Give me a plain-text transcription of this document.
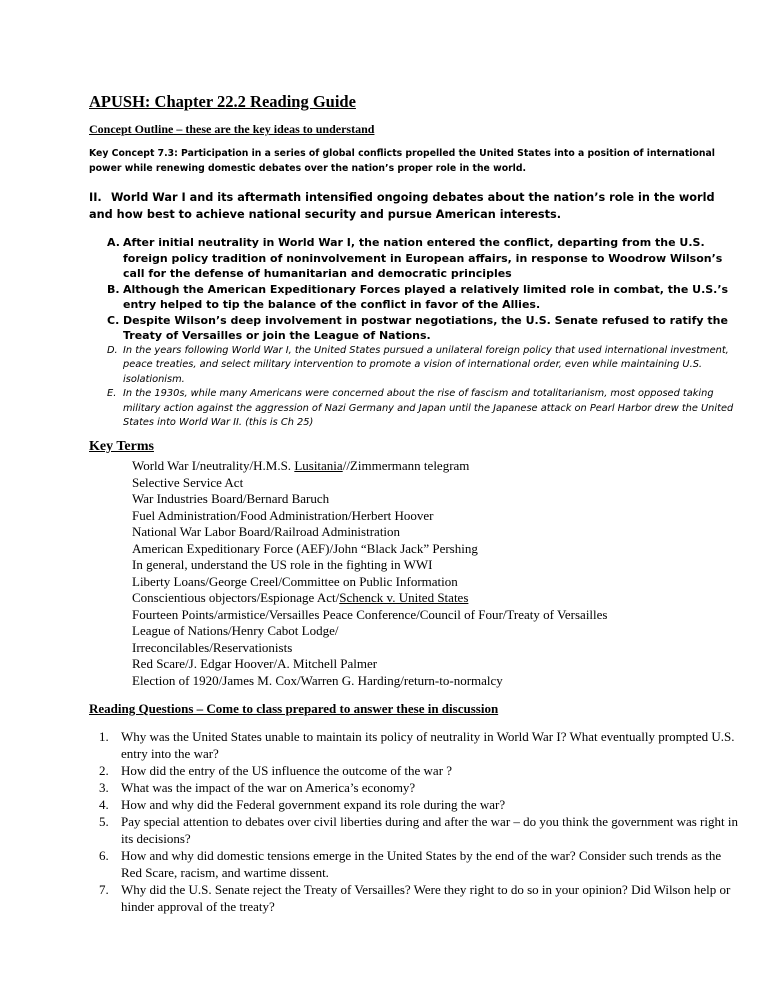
APUSH: Chapter 22.2 Reading Guide
Concept Outline – these are the key ideas to understand
Key Concept 7.3: Participation in a series of global conflicts propelled the United States into a position of international power while renewing domestic debates over the nation’s proper role in the world.
II. World War I and its aftermath intensified ongoing debates about the nation’s role in the world and how best to achieve national security and pursue American interests.
A. After initial neutrality in World War I, the nation entered the conflict, departing from the U.S. foreign policy tradition of noninvolvement in European affairs, in response to Woodrow Wilson’s call for the defense of humanitarian and democratic principles
B. Although the American Expeditionary Forces played a relatively limited role in combat, the U.S.’s entry helped to tip the balance of the conflict in favor of the Allies.
C. Despite Wilson’s deep involvement in postwar negotiations, the U.S. Senate refused to ratify the Treaty of Versailles or join the League of Nations.
D. In the years following World War I, the United States pursued a unilateral foreign policy that used international investment, peace treaties, and select military intervention to promote a vision of international order, even while maintaining U.S. isolationism.
E. In the 1930s, while many Americans were concerned about the rise of fascism and totalitarianism, most opposed taking military action against the aggression of Nazi Germany and Japan until the Japanese attack on Pearl Harbor drew the United States into World War II. (this is Ch 25)
Key Terms
World War I/neutrality/H.M.S. Lusitania//Zimmermann telegram
Selective Service Act
War Industries Board/Bernard Baruch
Fuel Administration/Food Administration/Herbert Hoover
National War Labor Board/Railroad Administration
American Expeditionary Force (AEF)/John “Black Jack” Pershing
In general, understand the US role in the fighting in WWI
Liberty Loans/George Creel/Committee on Public Information
Conscientious objectors/Espionage Act/Schenck v. United States
Fourteen Points/armistice/Versailles Peace Conference/Council of Four/Treaty of Versailles
League of Nations/Henry Cabot Lodge/
Irreconcilables/Reservationists
Red Scare/J. Edgar Hoover/A. Mitchell Palmer
Election of 1920/James M. Cox/Warren G. Harding/return-to-normalcy
Reading Questions – Come to class prepared to answer these in discussion
1. Why was the United States unable to maintain its policy of neutrality in World War I? What eventually prompted U.S. entry into the war?
2. How did the entry of the US influence the outcome of the war ?
3. What was the impact of the war on America’s economy?
4. How and why did the Federal government expand its role during the war?
5. Pay special attention to debates over civil liberties during and after the war – do you think the government was right in its decisions?
6. How and why did domestic tensions emerge in the United States by the end of the war? Consider such trends as the Red Scare, racism, and wartime dissent.
7. Why did the U.S. Senate reject the Treaty of Versailles? Were they right to do so in your opinion? Did Wilson help or hinder approval of the treaty?
